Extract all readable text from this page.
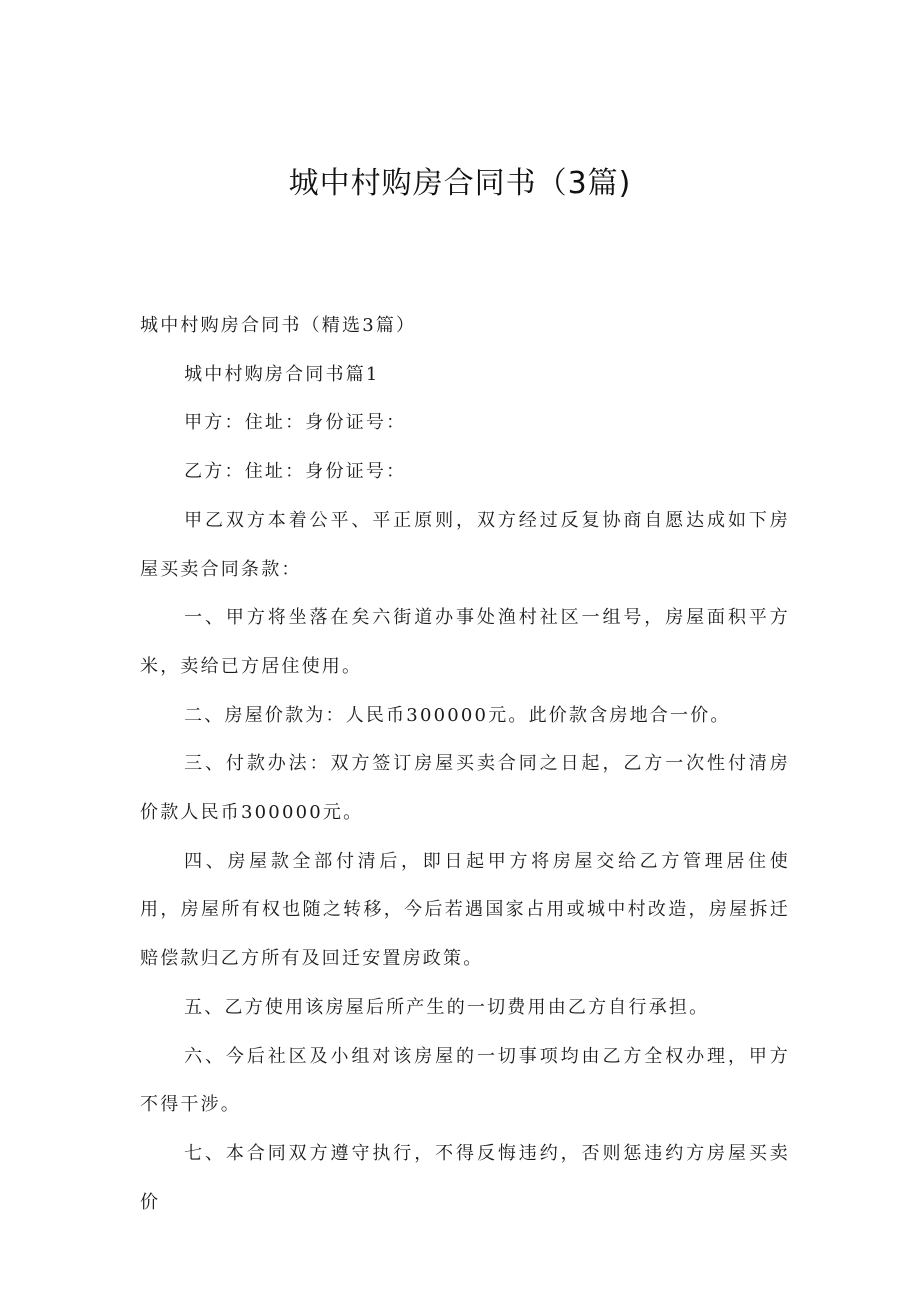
城中村购房合同书（3篇)

城中村购房合同书（精选3篇）

城中村购房合同书篇1

甲方：住址：身份证号：

乙方：住址：身份证号：

甲乙双方本着公平、平正原则，双方经过反复协商自愿达成如下房屋买卖合同条款：

一、甲方将坐落在矣六街道办事处渔村社区一组号，房屋面积平方米，卖给已方居住使用。

二、房屋价款为：人民币300000元。此价款含房地合一价。

三、付款办法：双方签订房屋买卖合同之日起，乙方一次性付清房价款人民币300000元。

四、房屋款全部付清后，即日起甲方将房屋交给乙方管理居住使用，房屋所有权也随之转移，今后若遇国家占用或城中村改造，房屋拆迁赔偿款归乙方所有及回迁安置房政策。

五、乙方使用该房屋后所产生的一切费用由乙方自行承担。

六、今后社区及小组对该房屋的一切事项均由乙方全权办理，甲方不得干涉。

七、本合同双方遵守执行，不得反悔违约，否则惩违约方房屋买卖价
